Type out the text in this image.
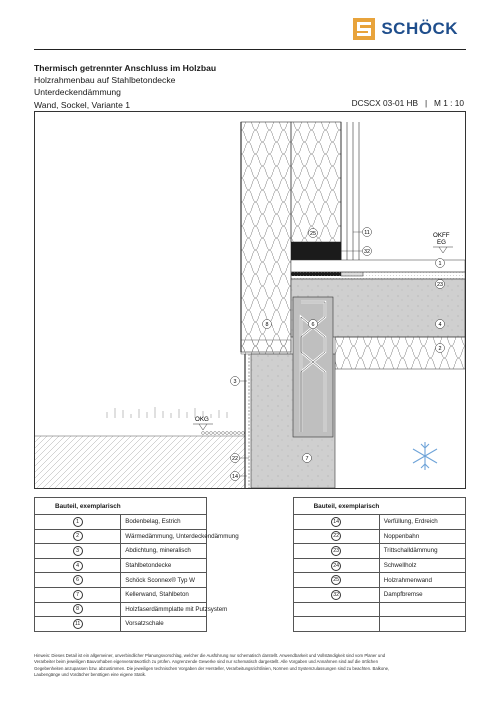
SCHÖCK
Thermisch getrennter Anschluss im Holzbau
Holzrahmenbau auf Stahlbetondecke
Unterdeckendämmung
Wand, Sockel, Variante 1	DCSCX 03-01 HB   |   M 1 : 10
OKFF
EG
OKG
11
32
25
1
23
8	6	4
2
3
22
14
7
Bauteil, exemplarisch			Bauteil, exemplarisch	
1	Bodenbelag, Estrich		14	Verfüllung, Erdreich
2	Wärmedämmung, Unterdeckendämmung		22	Noppenbahn
3	Abdichtung, mineralisch		23	Trittschalldämmung
4	Stahlbetondecke		24	Schwellholz
6	Schöck Sconnex® Typ W		25	Holzrahmenwand
7	Kellerwand, Stahlbeton		32	Dampfbremse
8	Holzfaserdämmplatte mit Putzsystem			
11	Vorsatzschale			
Hinweis: Dieses Detail ist ein allgemeiner, unverbindlicher Planungsvorschlag, welcher die Ausführung nur schematisch darstellt. Anwendbarkeit und Vollständigkeit sind vom Planer und
Verarbeiter beim jeweiligen Bauvorhaben eigenverantwortlich zu prüfen. Angrenzende Gewerke sind nur schematisch dargestellt. Alle Vorgaben und Annahmen sind auf die örtlichen
Gegebenheiten anzupassen bzw. abzustimmen. Die jeweiligen technischen Vorgaben der Hersteller, Verarbeitungsrichtlinien, Normen und Systemzulassungen sind zu beachten. Balkone,
Laubengänge und Vordächer benötigen eine eigene Statik.
